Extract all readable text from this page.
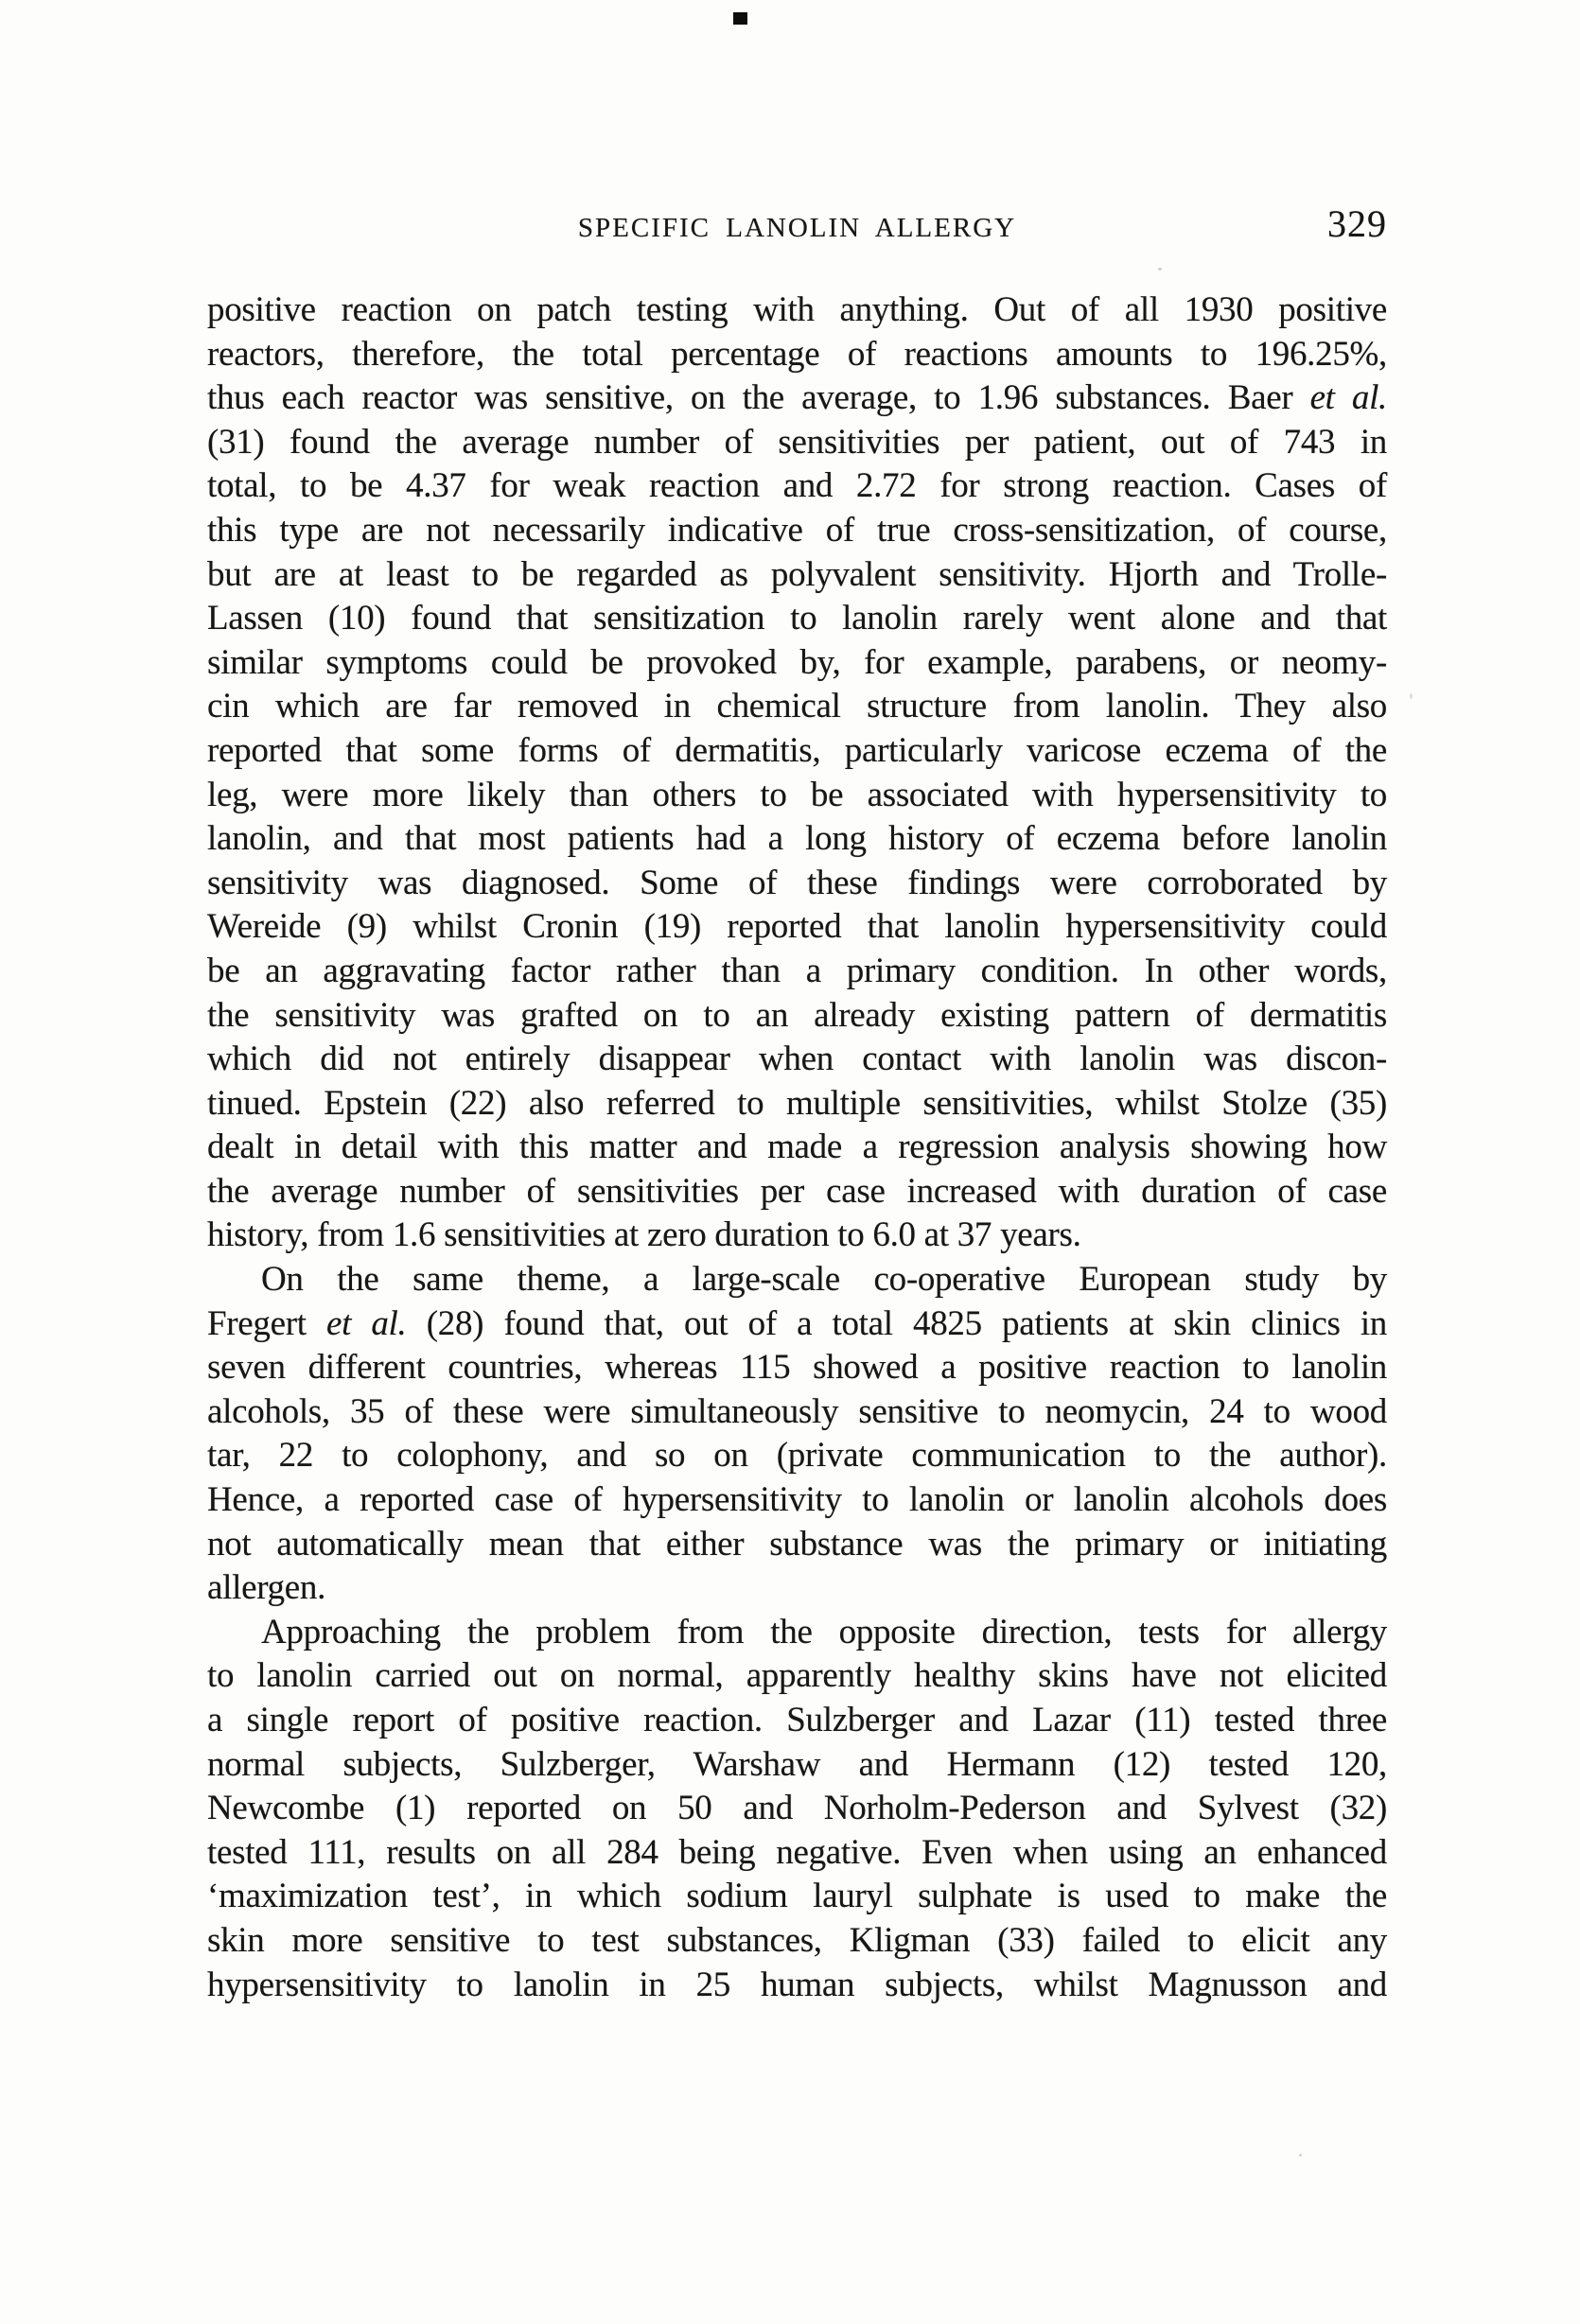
SPECIFIC LANOLIN ALLERGY	329
positive reaction on patch testing with anything. Out of all 1930 positive
reactors, therefore, the total percentage of reactions amounts to 196.25%,
thus each reactor was sensitive, on the average, to 1.96 substances. Baer et al.
(31) found the average number of sensitivities per patient, out of 743 in
total, to be 4.37 for weak reaction and 2.72 for strong reaction. Cases of
this type are not necessarily indicative of true cross-sensitization, of course,
but are at least to be regarded as polyvalent sensitivity. Hjorth and Trolle-
Lassen (10) found that sensitization to lanolin rarely went alone and that
similar symptoms could be provoked by, for example, parabens, or neomy-
cin which are far removed in chemical structure from lanolin. They also
reported that some forms of dermatitis, particularly varicose eczema of the
leg, were more likely than others to be associated with hypersensitivity to
lanolin, and that most patients had a long history of eczema before lanolin
sensitivity was diagnosed. Some of these findings were corroborated by
Wereide (9) whilst Cronin (19) reported that lanolin hypersensitivity could
be an aggravating factor rather than a primary condition. In other words,
the sensitivity was grafted on to an already existing pattern of dermatitis
which did not entirely disappear when contact with lanolin was discon-
tinued. Epstein (22) also referred to multiple sensitivities, whilst Stolze (35)
dealt in detail with this matter and made a regression analysis showing how
the average number of sensitivities per case increased with duration of case
history, from 1.6 sensitivities at zero duration to 6.0 at 37 years.
On the same theme, a large-scale co-operative European study by
Fregert et al. (28) found that, out of a total 4825 patients at skin clinics in
seven different countries, whereas 115 showed a positive reaction to lanolin
alcohols, 35 of these were simultaneously sensitive to neomycin, 24 to wood
tar, 22 to colophony, and so on (private communication to the author).
Hence, a reported case of hypersensitivity to lanolin or lanolin alcohols does
not automatically mean that either substance was the primary or initiating
allergen.
Approaching the problem from the opposite direction, tests for allergy
to lanolin carried out on normal, apparently healthy skins have not elicited
a single report of positive reaction. Sulzberger and Lazar (11) tested three
normal subjects, Sulzberger, Warshaw and Hermann (12) tested 120,
Newcombe (1) reported on 50 and Norholm-Pederson and Sylvest (32)
tested 111, results on all 284 being negative. Even when using an enhanced
‘maximization test’, in which sodium lauryl sulphate is used to make the
skin more sensitive to test substances, Kligman (33) failed to elicit any
hypersensitivity to lanolin in 25 human subjects, whilst Magnusson and
